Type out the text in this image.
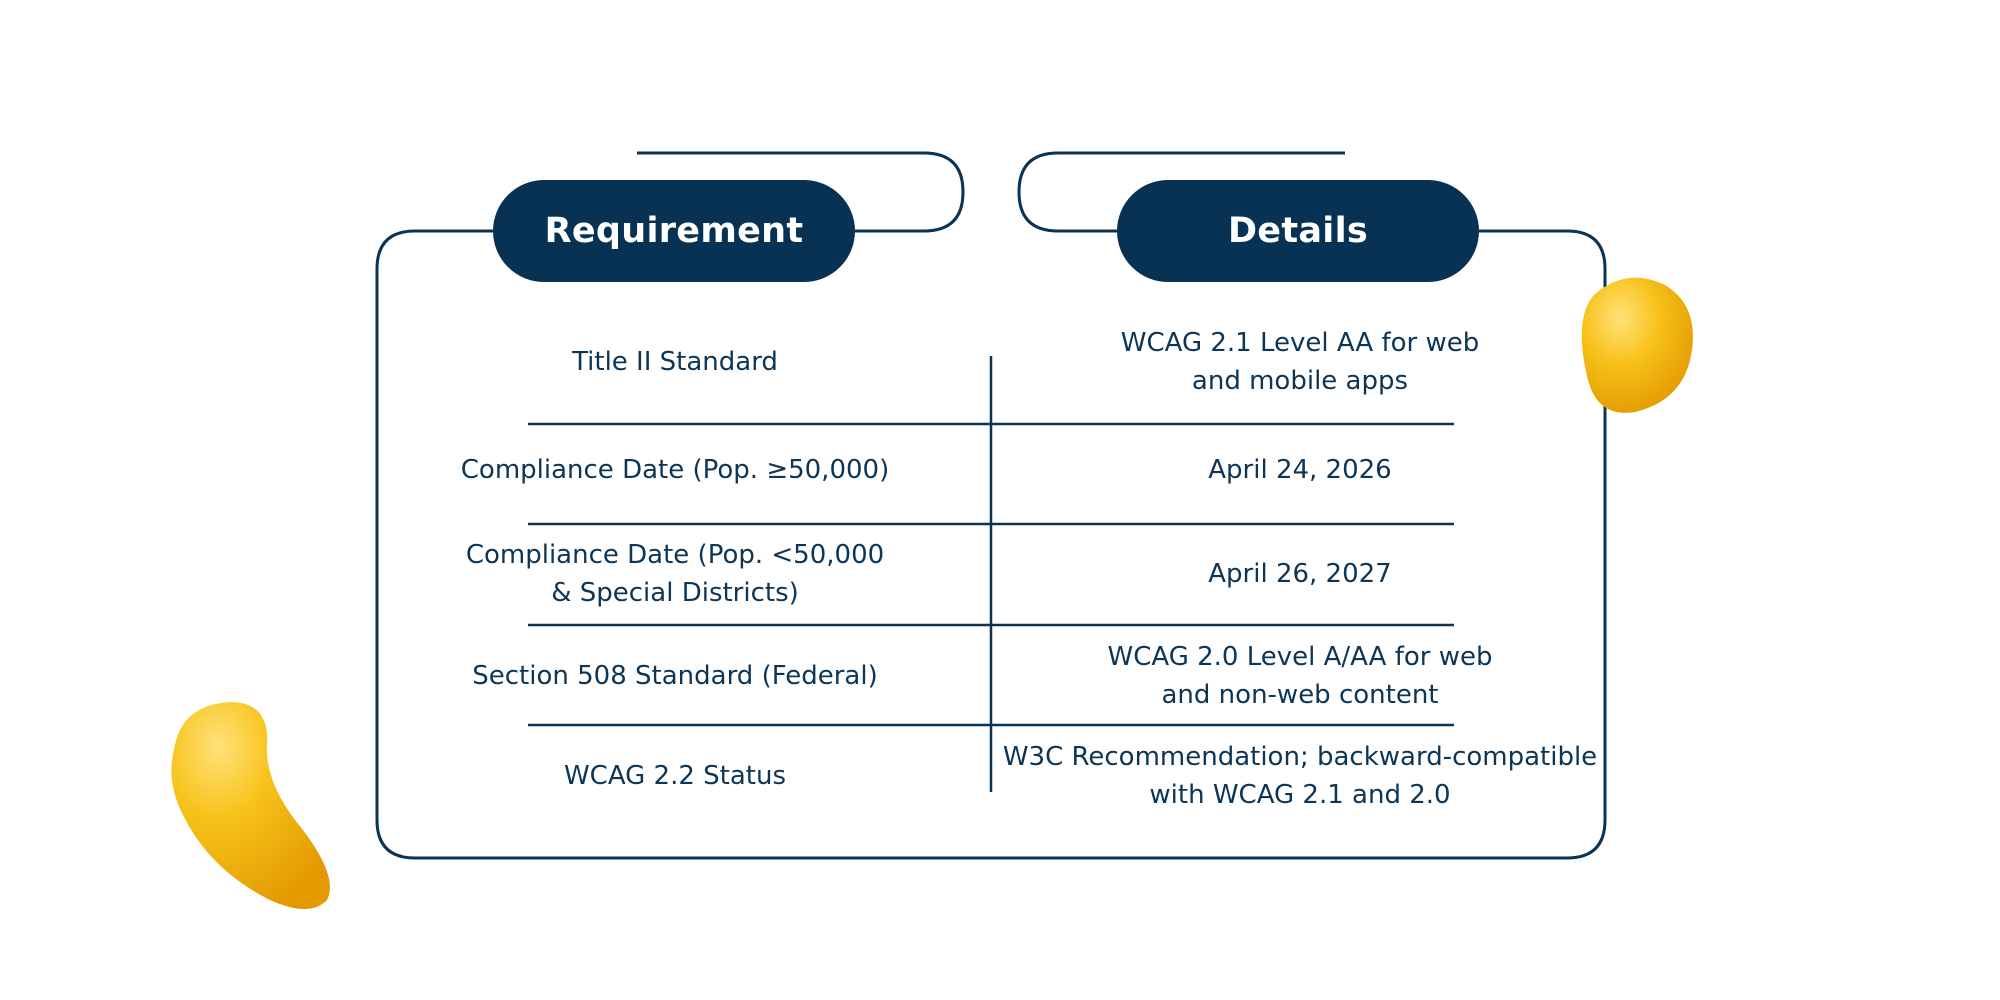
Requirement	Details
Title II Standard
WCAG 2.1 Level AA for web
and mobile apps
Compliance Date (Pop. ≥50,000)	April 24, 2026
Compliance Date (Pop. <50,000
& Special Districts)
April 26, 2027
Section 508 Standard (Federal)
WCAG 2.0 Level A/AA for web
and non-web content
WCAG 2.2 Status
W3C Recommendation; backward-compatible
with WCAG 2.1 and 2.0
